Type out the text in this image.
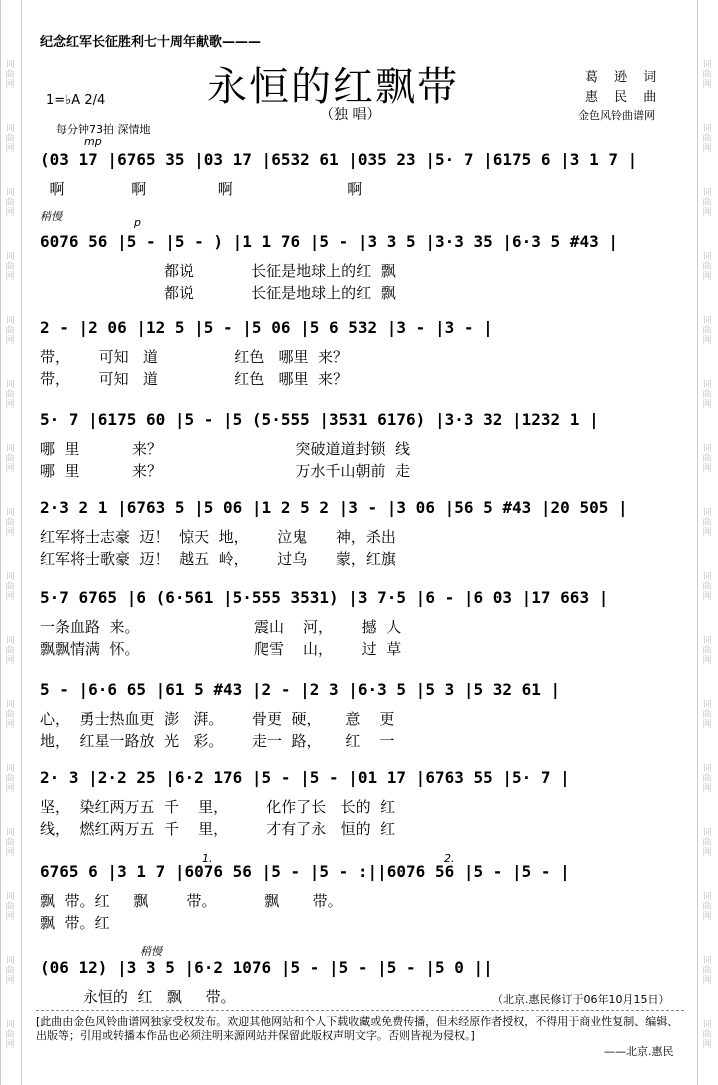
纪念红军长征胜利七十周年献歌———
永恒的红飘带
（独 唱）
葛 逊 词
惠 民 曲
金色风铃曲谱网
1=♭A 2/4
每分钟73拍 深情地
mp
稍慢	p
1.	2.
稍慢
(03 17 |6765 35 |03 17 |6532 61 |035 23 |5· 7 |6175 6 |3 1 7 |
啊              啊               啊                        啊
6076 56 |5 - |5 - ) |1 1 76 |5 - |3 3 5 |3·3 35 |6·3 5 #43 |
都说            长征是地球上的红  飘
都说            长征是地球上的红  飘
2 - |2 06 |12 5 |5 - |5 06 |5 6 532 |3 - |3 - |
带，      可知   道                红色   哪里  来？
带，      可知   道                红色   哪里  来？
5· 7 |6175 60 |5 - |5 (5·555 |3531 6176) |3·3 32 |1232 1 |
哪  里           来？                            突破道道封锁  线
哪  里           来？                            万水千山朝前  走
2·3 2 1 |6763 5 |5 06 |1 2 5 2 |3 - |3 06 |56 5 #43 |20 505 |
红军将士志豪  迈！  惊天  地，      泣鬼      神，杀出
红军将士歌豪  迈！  越五  岭，      过乌      蒙，红旗
5·7 6765 |6 (6·561 |5·555 3531) |3 7·5 |6 - |6 03 |17 663 |
一条血路  来。                        震山    河，      撼  人
飘飘情满  怀。                        爬雪    山，      过  草
5 - |6·6 65 |61 5 #43 |2 - |2 3 |6·3 5 |5 3 |5 32 61 |
心，  勇士热血更  澎   湃。      骨更  硬，     意    更
地，  红星一路放  光   彩。      走一  路，     红    一
2· 3 |2·2 25 |6·2 176 |5 - |5 - |01 17 |6763 55 |5· 7 |
坚，  染红两万五  千    里，        化作了长   长的  红
线，  燃红两万五  千    里，        才有了永   恒的  红
6765 6 |3 1 7 |6076 56 |5 - |5 - :||6076 56 |5 - |5 - |
飘  带。红     飘        带。          飘       带。
飘  带。红
(06 12) |3 3 5 |6·2 1076 |5 - |5 - |5 - |5 0 ||
永恒的  红   飘     带。	（北京.惠民修订于06年10月15日）
[此曲由金色风铃曲谱网独家受权发布。欢迎其他网站和个人下载收藏或免费传播，但未经原作者授权，不得用于商业性复制、编辑、出版等；引用或转播本作品也必须注明来源网站并保留此版权声明文字。否则皆视为侵权。]
——北京.惠民
词曲网
词曲网
词曲网
词曲网
词曲网
词曲网
词曲网
词曲网
词曲网
词曲网
词曲网
词曲网
词曲网
词曲网
词曲网
词曲网
词曲网
词曲网
词曲网
词曲网
词曲网
词曲网
词曲网
词曲网
词曲网
词曲网
词曲网
词曲网
词曲网
词曲网
词曲网
词曲网
